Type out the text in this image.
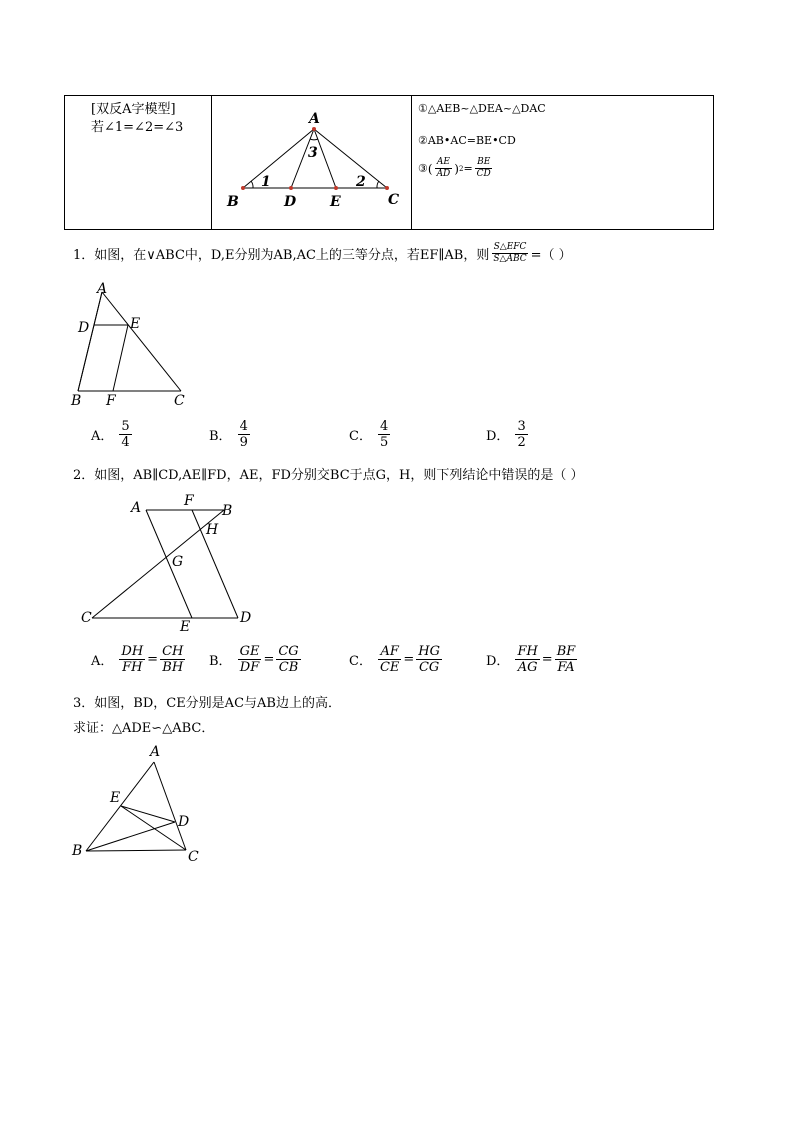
[双反A字模型]
若∠1=∠2=∠3
A
B	C
D E
1	2
3
①△AEB~△DEA~△DAC
②AB•AC=BE•CD
③ ( $\frac{AE}{AD}$ ) $2 = \frac{BE}{CD}$
1．如图，在∨ABC中，D,E分别为AB,AC上的三等分点，若EF∥AB，则 $\frac{\text{S△EFC}}{\text{S△ABC}}$ =（ ）
A
B	C
D	E
F
A． $\frac{5}{4}$	B． $\frac{4}{9}$	C． $\frac{4}{5}$	D． $\frac{3}{2}$
2．如图，AB∥CD,AE∥FD，AE，FD分别交BC于点G，H，则下列结论中错误的是（ ）
A	B
C	D
E
F
G
H
A． $\frac{DH}{FH} = \frac{CH}{BH}$ B． $\frac{GE}{DF} = \frac{CG}{CB}$	C． $\frac{AF}{CE} = \frac{HG}{CG}$	D． $\frac{FH}{AG} = \frac{BF}{FA}$
3．如图，BD，CE分别是AC与AB边上的高．
求证：△ADE∽△ABC．
A
B	C
D
E
